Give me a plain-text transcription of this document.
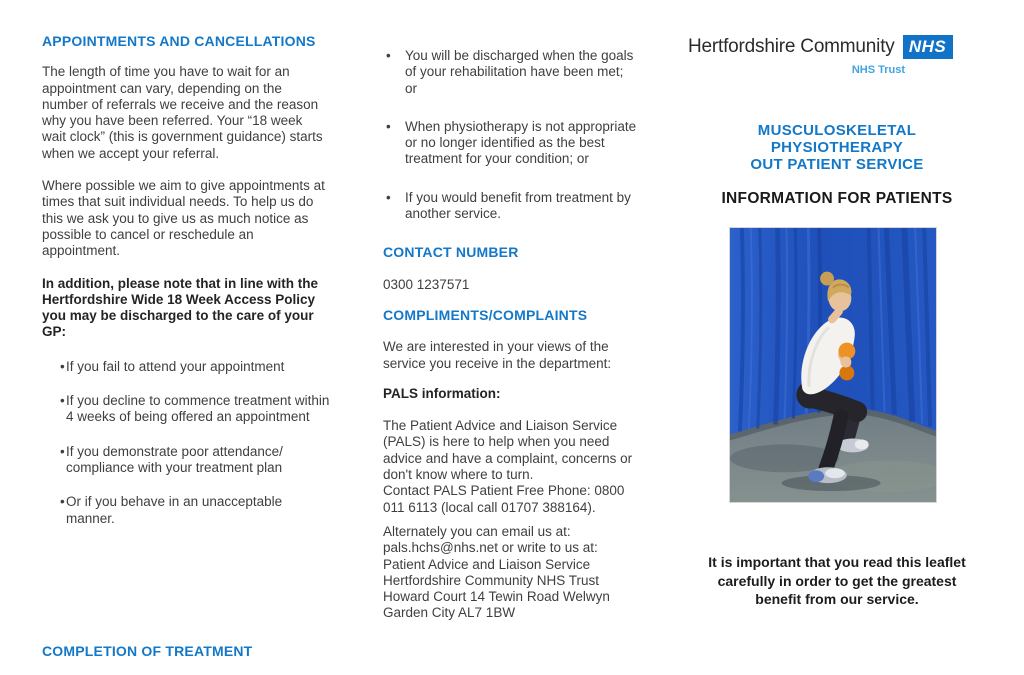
APPOINTMENTS AND CANCELLATIONS

The length of time you have to wait for an
appointment can vary, depending on the
number of referrals we receive and the reason
why you have been referred. Your “18 week
wait clock” (this is government guidance) starts
when we accept your referral.

Where possible we aim to give appointments at
times that suit individual needs. To help us do
this we ask you to give us as much notice as
possible to cancel or reschedule an
appointment.

In addition, please note that in line with the
Hertfordshire Wide 18 Week Access Policy
you may be discharged to the care of your
GP:

• If you fail to attend your appointment
• If you decline to commence treatment within
4 weeks of being offered an appointment
• If you demonstrate poor attendance/
compliance with your treatment plan
• Or if you behave in an unacceptable
manner.
COMPLETION OF TREATMENT
• You will be discharged when the goals
of your rehabilitation have been met;
or
• When physiotherapy is not appropriate
or no longer identified as the best
treatment for your condition; or
• If you would benefit from treatment by
another service.
CONTACT NUMBER

0300 1237571

COMPLIMENTS/COMPLAINTS

We are interested in your views of the
service you receive in the department:

PALS information:

The Patient Advice and Liaison Service
(PALS) is here to help when you need
advice and have a complaint, concerns or
don't know where to turn.
Contact PALS Patient Free Phone: 0800
011 6113 (local call 01707 388164).

Alternately you can email us at:
pals.hchs@nhs.net or write to us at:
Patient Advice and Liaison Service
Hertfordshire Community NHS Trust
Howard Court 14 Tewin Road Welwyn
Garden City AL7 1BW

Hertfordshire Community NHS
NHS Trust
MUSCULOSKELETAL
PHYSIOTHERAPY
OUT PATIENT SERVICE
INFORMATION FOR PATIENTS
It is important that you read this leaflet
carefully in order to get the greatest
benefit from our service.
